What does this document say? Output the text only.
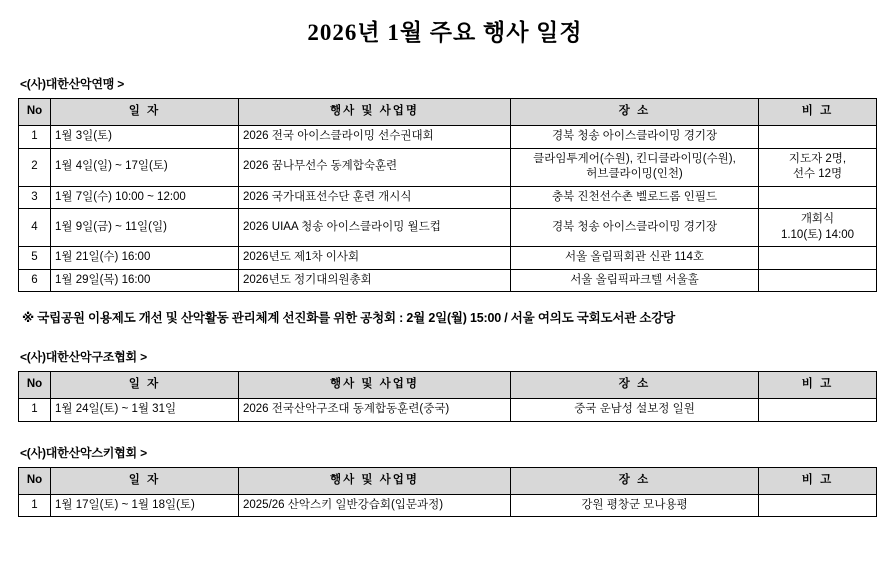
2026년 1월 주요 행사 일정
<(사)대한산악연맹 >
No	일 자	행사 및 사업명	장 소	비 고
1	1월 3일(토)	2026 전국 아이스클라이밍 선수권대회	경북 청송 아이스클라이밍 경기장	
2	1월 4일(일) ~ 17일(토)	2026 꿈나무선수 동계합숙훈련	클라임투게어(수원), 킨디클라이밍(수원),
허브클라이밍(인천)	지도자 2명,
선수 12명
3	1월 7일(수) 10:00 ~ 12:00	2026 국가대표선수단 훈련 개시식	충북 진천선수촌 벨로드롬 인필드	
4	1월 9일(금) ~ 11일(일)	2026 UIAA 청송 아이스클라이밍 월드컵	경북 청송 아이스클라이밍 경기장	개회식
1.10(토) 14:00
5	1월 21일(수) 16:00	2026년도 제1차 이사회	서울 올림픽회관 신관 114호	
6	1월 29일(목) 16:00	2026년도 정기대의원총회	서울 올림픽파크텔 서울홀	
※ 국립공원 이용제도 개선 및 산악활동 관리체계 선진화를 위한 공청회 : 2월 2일(월) 15:00 / 서울 여의도 국회도서관 소강당
<(사)대한산악구조협회 >
No	일 자	행사 및 사업명	장 소	비 고
1	1월 24일(토) ~ 1월 31일	2026 전국산악구조대 동계합동훈련(중국)	중국 운남성 설보정 일원	
<(사)대한산악스키협회 >
No	일 자	행사 및 사업명	장 소	비 고
1	1월 17일(토) ~ 1월 18일(토)	2025/26 산악스키 일반강습회(입문과정)	강원 평창군 모나용평	
